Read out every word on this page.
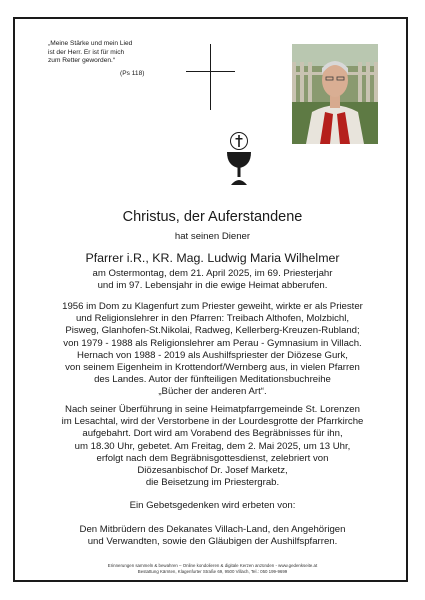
„Meine Stärke und mein Lied
ist der Herr. Er ist für mich
zum Retter geworden.“
(Ps 118)
Christus, der Auferstandene
hat seinen Diener
Pfarrer i.R., KR. Mag. Ludwig Maria Wilhelmer
am Ostermontag, dem 21. April 2025, im 69. Priesterjahr
und im 97. Lebensjahr in die ewige Heimat abberufen.
1956 im Dom zu Klagenfurt zum Priester geweiht, wirkte er als Priester
und Religionslehrer in den Pfarren: Treibach Althofen, Molzbichl,
Pisweg, Glanhofen-St.Nikolai, Radweg, Kellerberg-Kreuzen-Rubland;
von 1979 - 1988 als Religionslehrer am Perau - Gymnasium in Villach.
Hernach von 1988 - 2019 als Aushilfspriester der Diözese Gurk,
von seinem Eigenheim in Krottendorf/Wernberg aus, in vielen Pfarren
des Landes. Autor der fünfteiligen Meditationsbuchreihe
„Bücher der anderen Art“.
Nach seiner Überführung in seine Heimatpfarrgemeinde St. Lorenzen
im Lesachtal, wird der Verstorbene in der Lourdesgrotte der Pfarrkirche
aufgebahrt. Dort wird am Vorabend des Begräbnisses für ihn,
um 18.30 Uhr, gebetet. Am Freitag, dem 2. Mai 2025, um 13 Uhr,
erfolgt nach dem Begräbnisgottesdienst, zelebriert von
Diözesanbischof Dr. Josef Marketz,
die Beisetzung im Priestergrab.
Ein Gebetsgedenken wird erbeten von:
Den Mitbrüdern des Dekanates Villach-Land, den Angehörigen
und Verwandten, sowie den Gläubigen der Aushilfspfarren.
Erinnerungen sammeln & bewahren – Online kondolieren & digitale Kerzen anzünden - www.gedenkseite.at
Bestattung Kärnten, Klagenfurter Straße 69, 9500 Villach, Tel.: 050 199-9699
